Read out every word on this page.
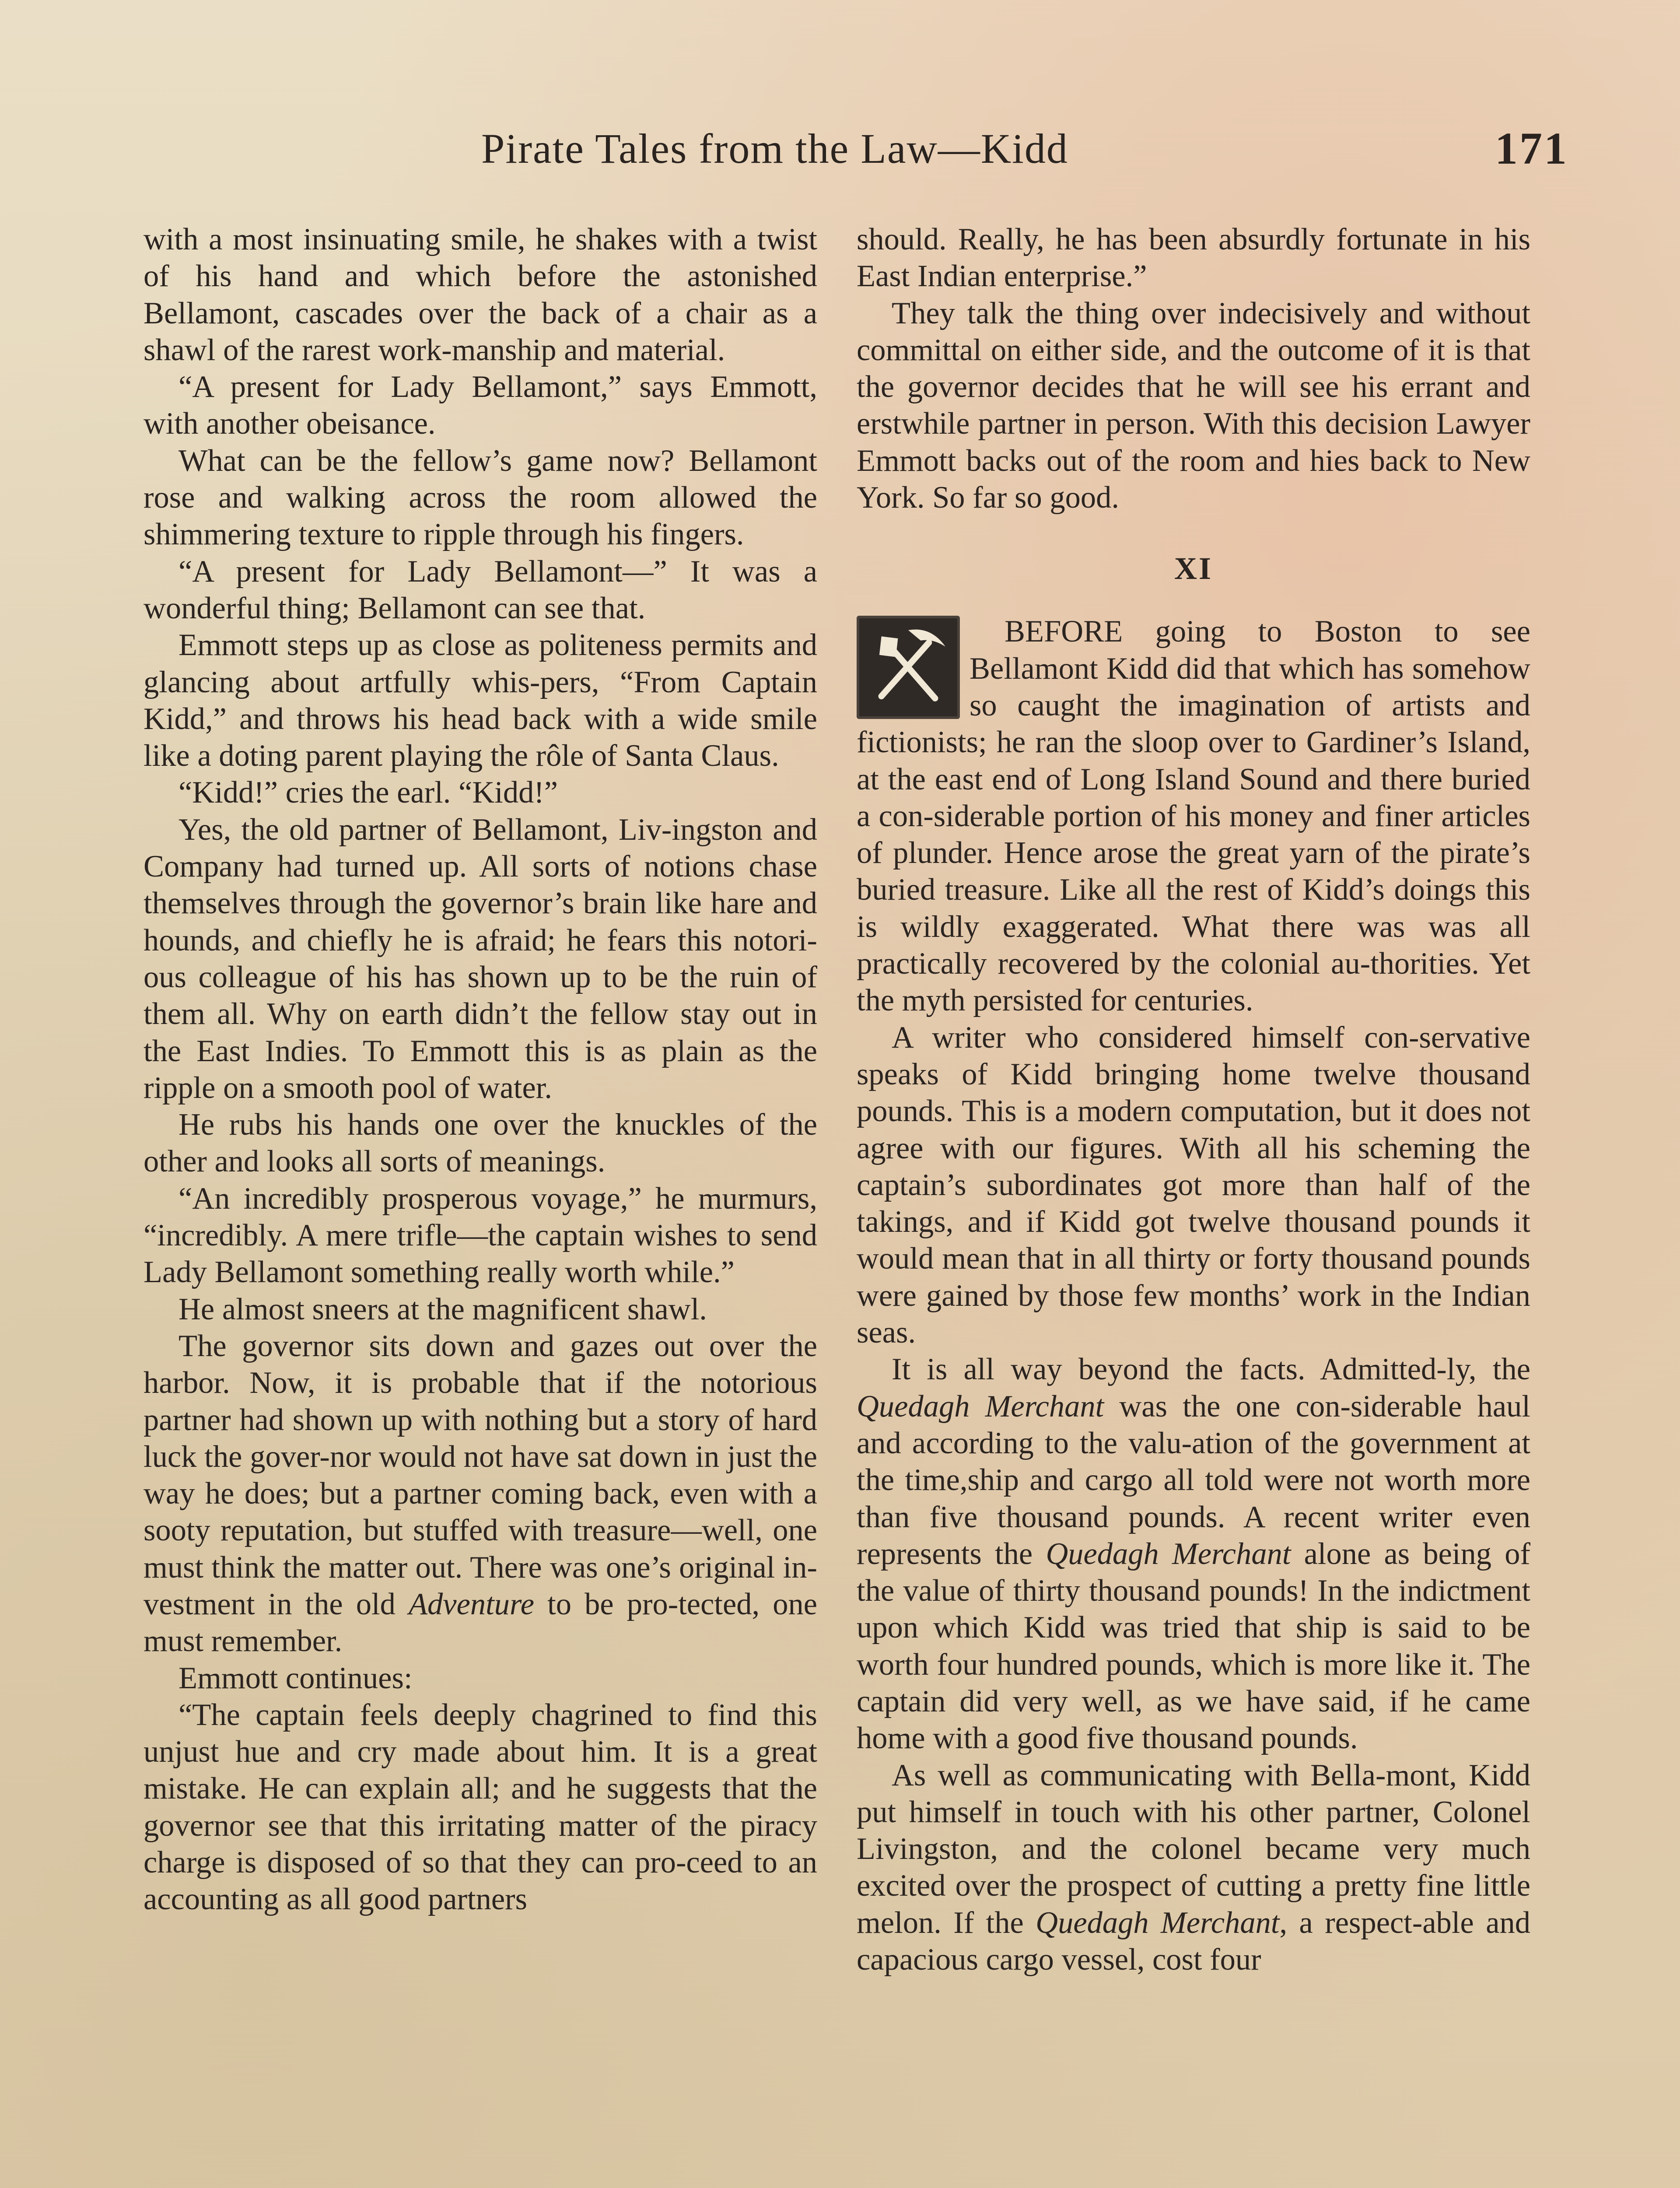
Pirate Tales from the Law—Kidd	171

with a most insinuating smile, he shakes with a twist of his hand and which before the astonished Bellamont, cascades over the back of a chair as a shawl of the rarest work-manship and material.

“A present for Lady Bellamont,” says Emmott, with another obeisance.

What can be the fellow’s game now? Bellamont rose and walking across the room allowed the shimmering texture to ripple through his fingers.

“A present for Lady Bellamont—” It was a wonderful thing; Bellamont can see that.

Emmott steps up as close as politeness permits and glancing about artfully whis-pers, “From Captain Kidd,” and throws his head back with a wide smile like a doting parent playing the rôle of Santa Claus.

“Kidd!” cries the earl. “Kidd!”

Yes, the old partner of Bellamont, Liv-ingston and Company had turned up. All sorts of notions chase themselves through the governor’s brain like hare and hounds, and chiefly he is afraid; he fears this notori-ous colleague of his has shown up to be the ruin of them all. Why on earth didn’t the fellow stay out in the East Indies. To Emmott this is as plain as the ripple on a smooth pool of water.

He rubs his hands one over the knuckles of the other and looks all sorts of meanings.

“An incredibly prosperous voyage,” he murmurs, “incredibly. A mere trifle—the captain wishes to send Lady Bellamont something really worth while.”

He almost sneers at the magnificent shawl.

The governor sits down and gazes out over the harbor. Now, it is probable that if the notorious partner had shown up with nothing but a story of hard luck the gover-nor would not have sat down in just the way he does; but a partner coming back, even with a sooty reputation, but stuffed with treasure—well, one must think the matter out. There was one’s original in-vestment in the old Adventure to be pro-tected, one must remember.

Emmott continues:

“The captain feels deeply chagrined to find this unjust hue and cry made about him. It is a great mistake. He can explain all; and he suggests that the governor see that this irritating matter of the piracy charge is disposed of so that they can pro-ceed to an accounting as all good partners

should. Really, he has been absurdly fortunate in his East Indian enterprise.”

They talk the thing over indecisively and without committal on either side, and the outcome of it is that the governor decides that he will see his errant and erstwhile partner in person. With this decision Lawyer Emmott backs out of the room and hies back to New York. So far so good.

XI

BEFORE going to Boston to see Bellamont Kidd did that which has somehow so caught the imagination of artists and fictionists; he ran the sloop over to Gardiner’s Island, at the east end of Long Island Sound and there buried a con-siderable portion of his money and finer articles of plunder. Hence arose the great yarn of the pirate’s buried treasure. Like all the rest of Kidd’s doings this is wildly exaggerated. What there was was all practically recovered by the colonial au-thorities. Yet the myth persisted for centuries.

A writer who considered himself con-servative speaks of Kidd bringing home twelve thousand pounds. This is a modern computation, but it does not agree with our figures. With all his scheming the captain’s subordinates got more than half of the takings, and if Kidd got twelve thousand pounds it would mean that in all thirty or forty thousand pounds were gained by those few months’ work in the Indian seas.

It is all way beyond the facts. Admitted-ly, the Quedagh Merchant was the one con-siderable haul and according to the valu-ation of the government at the time,ship and cargo all told were not worth more than five thousand pounds. A recent writer even represents the Quedagh Merchant alone as being of the value of thirty thousand pounds! In the indictment upon which Kidd was tried that ship is said to be worth four hundred pounds, which is more like it. The captain did very well, as we have said, if he came home with a good five thousand pounds.

As well as communicating with Bella-mont, Kidd put himself in touch with his other partner, Colonel Livingston, and the colonel became very much excited over the prospect of cutting a pretty fine little melon. If the Quedagh Merchant, a respect-able and capacious cargo vessel, cost four
